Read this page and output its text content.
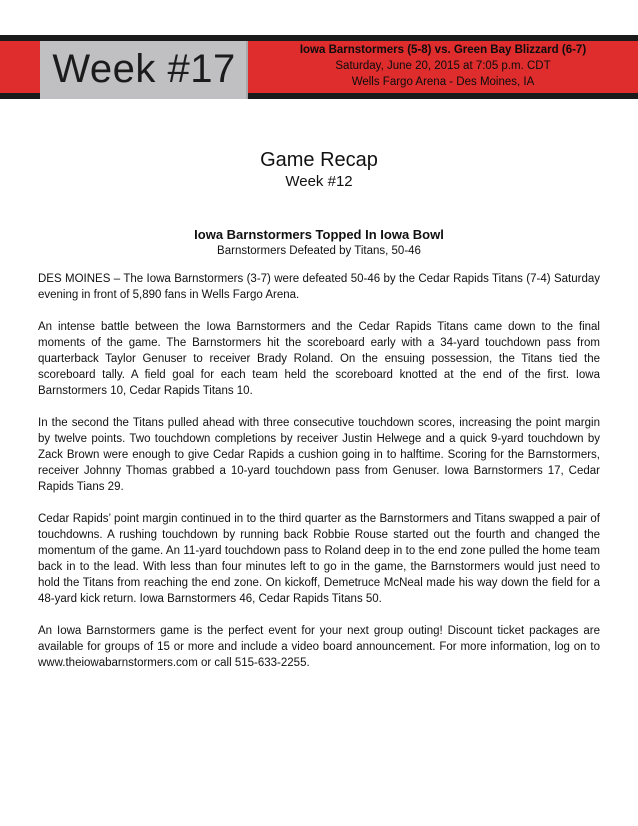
Week #17	Iowa Barnstormers (5-8) vs. Green Bay Blizzard (6-7)
Saturday, June 20, 2015 at 7:05 p.m. CDT
Wells Fargo Arena - Des Moines, IA
Game Recap
Week #12
Iowa Barnstormers Topped In Iowa Bowl
Barnstormers Defeated by Titans, 50-46

DES MOINES – The Iowa Barnstormers (3-7) were defeated 50-46 by the Cedar Rapids Titans (7-4) Saturday evening in front of 5,890 fans in Wells Fargo Arena.

An intense battle between the Iowa Barnstormers and the Cedar Rapids Titans came down to the final moments of the game. The Barnstormers hit the scoreboard early with a 34-yard touchdown pass from quarterback Taylor Genuser to receiver Brady Roland. On the ensuing possession, the Titans tied the scoreboard tally. A field goal for each team held the scoreboard knotted at the end of the first. Iowa Barnstormers 10, Cedar Rapids Titans 10.

In the second the Titans pulled ahead with three consecutive touchdown scores, increasing the point margin by twelve points. Two touchdown completions by receiver Justin Helwege and a quick 9-yard touchdown by Zack Brown were enough to give Cedar Rapids a cushion going in to halftime. Scoring for the Barnstormers, receiver Johnny Thomas grabbed a 10-yard touchdown pass from Genuser. Iowa Barnstormers 17, Cedar Rapids Tians 29.

Cedar Rapids’ point margin continued in to the third quarter as the Barnstormers and Titans swapped a pair of touchdowns. A rushing touchdown by running back Robbie Rouse started out the fourth and changed the momentum of the game. An 11-yard touchdown pass to Roland deep in to the end zone pulled the home team back in to the lead. With less than four minutes left to go in the game, the Barnstormers would just need to hold the Titans from reaching the end zone. On kickoff, Demetruce McNeal made his way down the field for a 48-yard kick return. Iowa Barnstormers 46, Cedar Rapids Titans 50.

An Iowa Barnstormers game is the perfect event for your next group outing! Discount ticket packages are available for groups of 15 or more and include a video board announcement. For more information, log on to www.theiowabarnstormers.com or call 515-633-2255.
